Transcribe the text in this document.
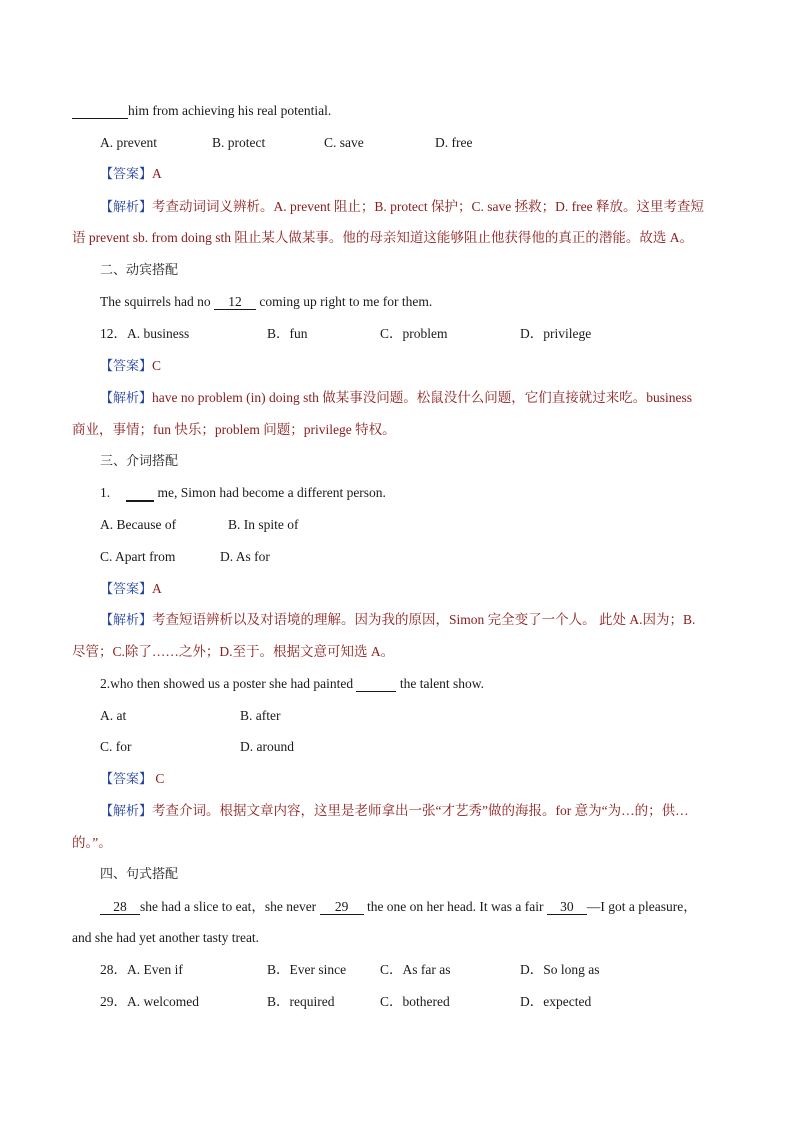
him from achieving his real potential.
A. prevent	B. protect	C. save	D. free
【答案】A
【解析】考查动词词义辨析。A. prevent 阻止；B. protect 保护；C. save 拯救；D. free 释放。这里考查短
语 prevent sb. from doing sth 阻止某人做某事。他的母亲知道这能够阻止他获得他的真正的潜能。故选 A。
二、动宾搭配
The squirrels had no 12 coming up right to me for them.
12．A. business	B．fun	C．problem	D．privilege
【答案】C
【解析】have no problem (in) doing sth 做某事没问题。松鼠没什么问题，它们直接就过来吃。business
商业，事情；fun 快乐；problem 问题；privilege 特权。
三、介词搭配
1.	me, Simon had become a different person.
A. Because of	B. In spite of
C. Apart from	D. As for
【答案】A
【解析】考查短语辨析以及对语境的理解。因为我的原因，Simon 完全变了一个人。 此处 A.因为；B.
尽管；C.除了……之外；D.至于。根据文意可知选 A。
2.who then showed us a poster she had painted	the talent show.
A. at	B. after
C. for	D. around
【答案】 C
【解析】考查介词。根据文章内容，这里是老师拿出一张“才艺秀”做的海报。for 意为“为…的；供…
的。”。
四、句式搭配
28 she had a slice to eat，she never 29 the one on her head. It was a fair 30 —I got a pleasure，
and she had yet another tasty treat.
28．A. Even if	B．Ever since	C．As far as	D．So long as
29．A. welcomed	B．required	C．bothered	D．expected
